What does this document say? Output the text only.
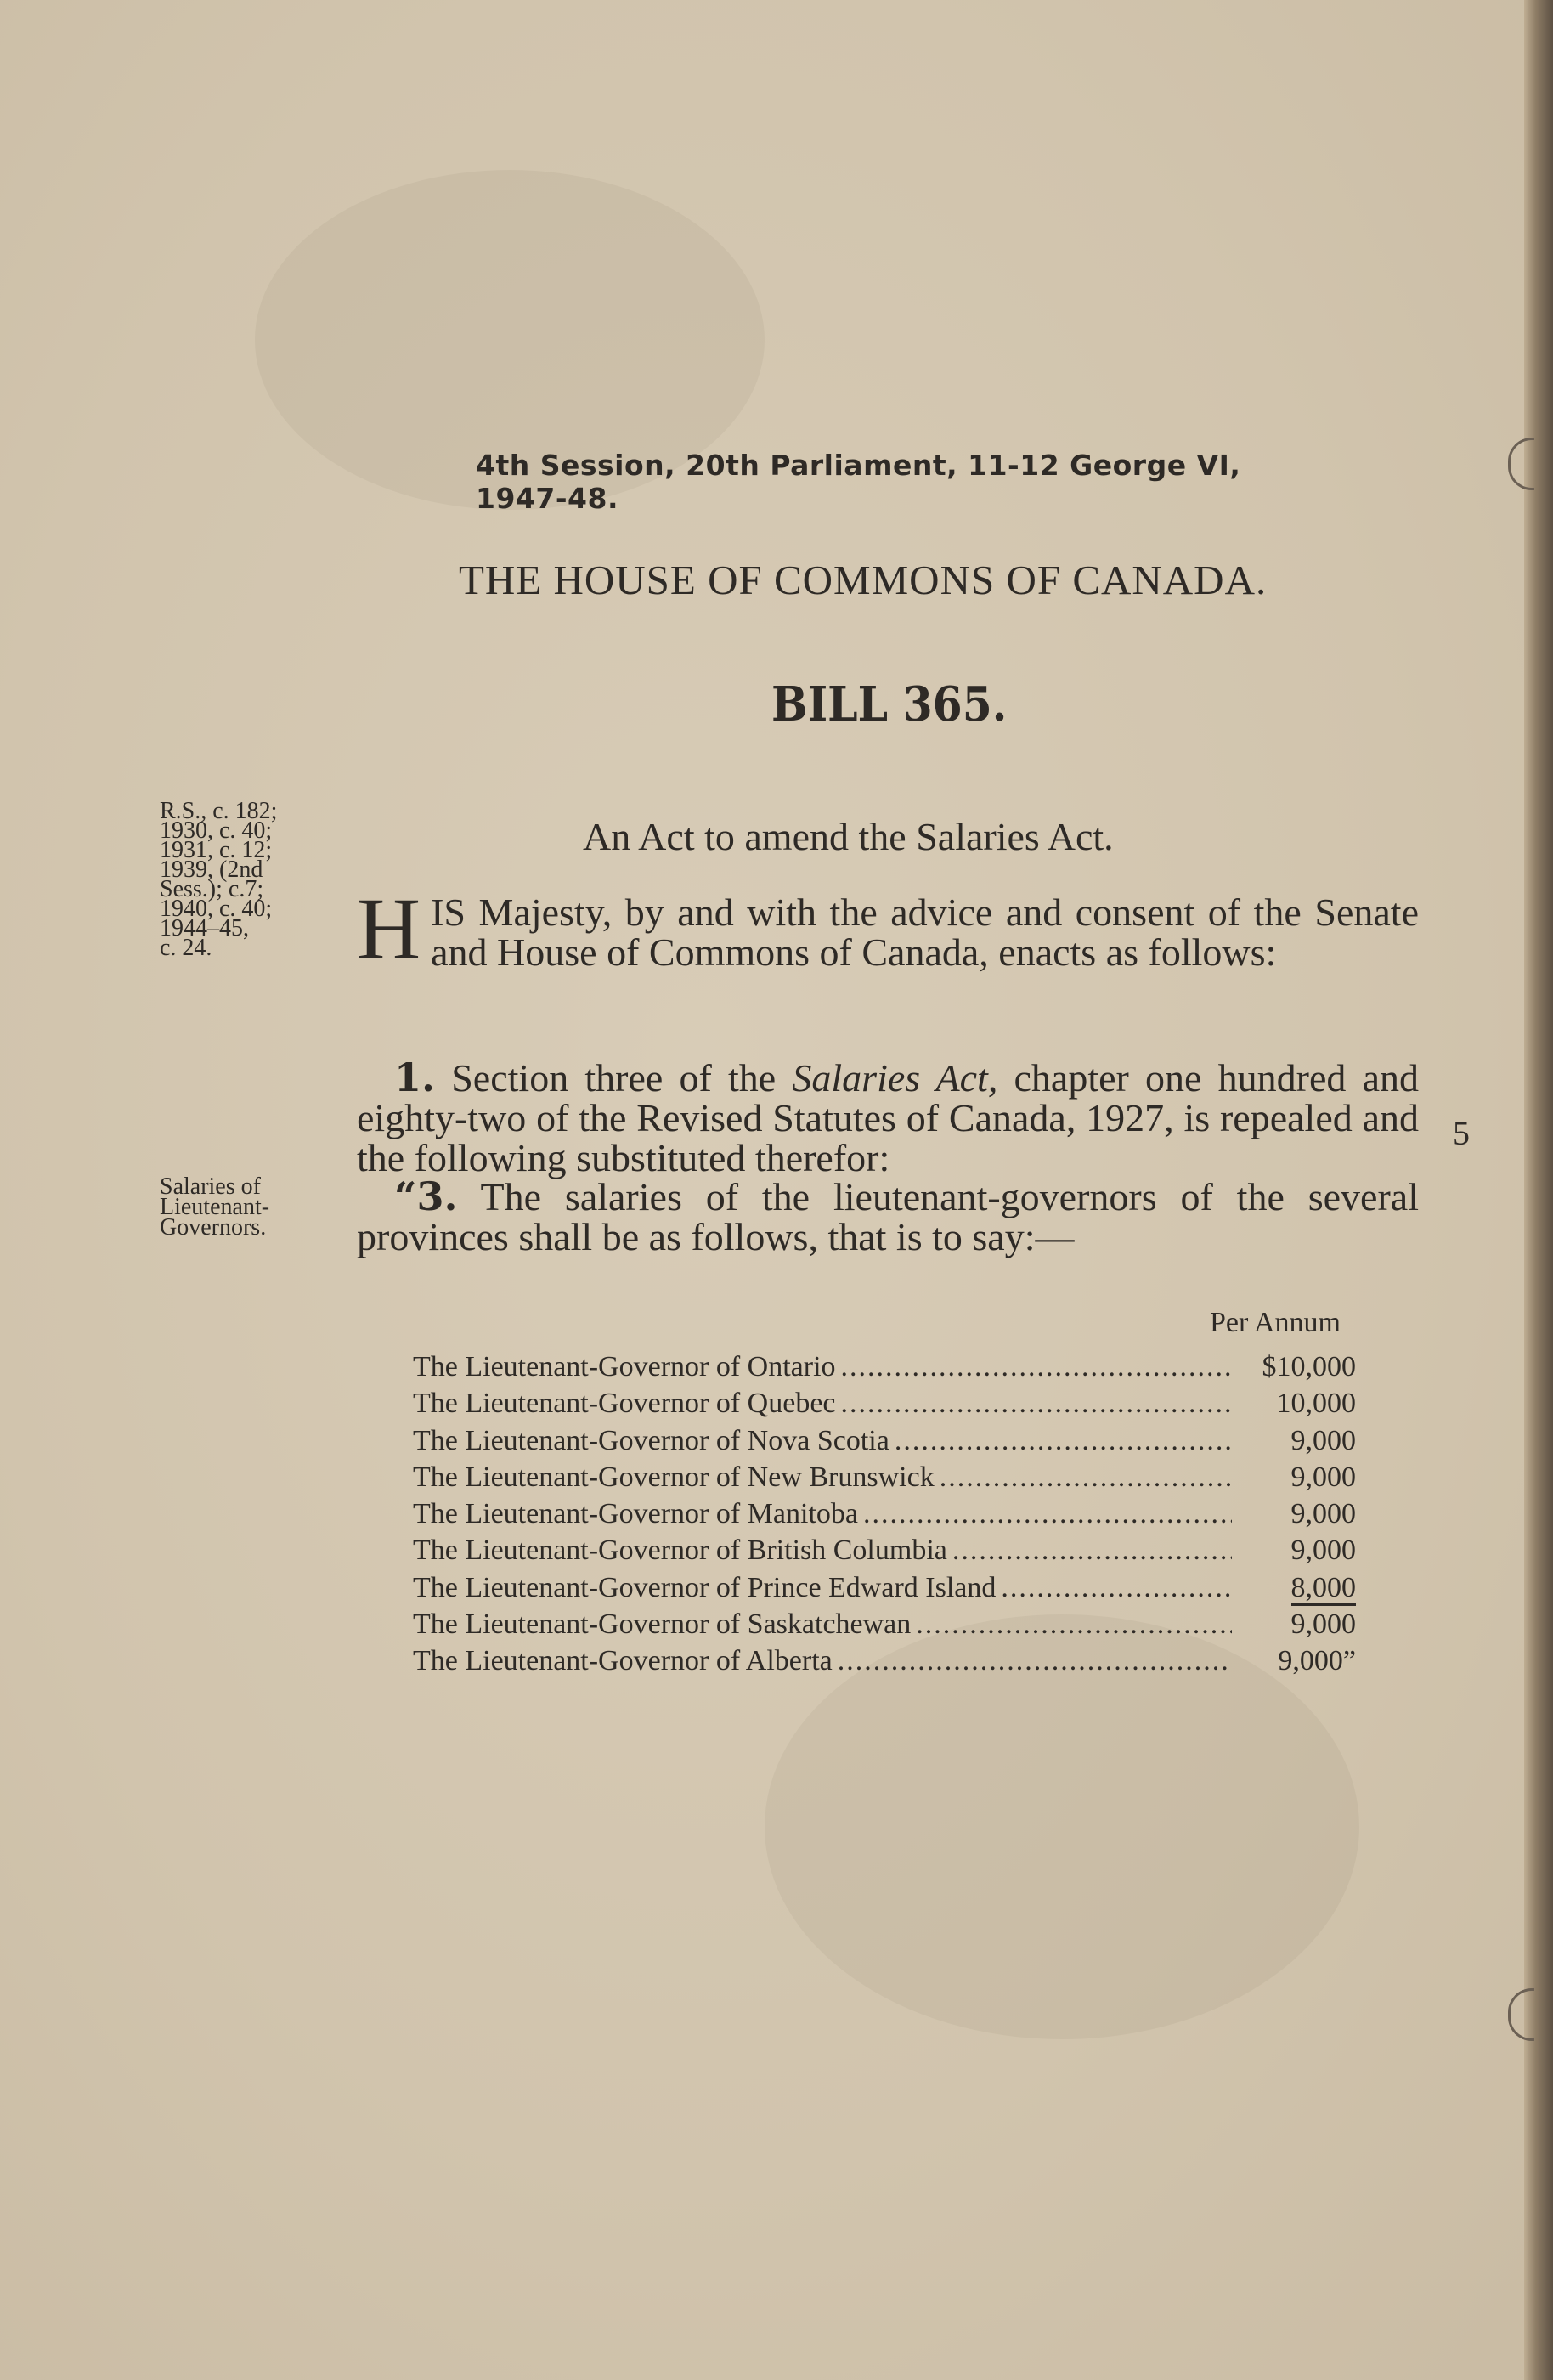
4th Session, 20th Parliament, 11-12 George VI, 1947-48.
THE HOUSE OF COMMONS OF CANADA.
BILL 365.
An Act to amend the Salaries Act.
R.S., c. 182;
1930, c. 40;
1931, c. 12;
1939, (2nd
Sess.); c.7;
1940, c. 40;
1944–45,
c. 24.	H IS Majesty, by and with the advice and consent of the Senate and House of Commons of Canada, enacts as follows:
1. Section three of the Salaries Act, chapter one hundred and eighty-two of the Revised Statutes of Canada, 1927, is repealed and the following substituted therefor:
5
Salaries of
Lieutenant-
Governors.
“3. The salaries of the lieutenant-governors of the several provinces shall be as follows, that is to say:—
Per Annum
The Lieutenant-Governor of Ontario .....	$10,000
The Lieutenant-Governor of Quebec .....	10,000
The Lieutenant-Governor of Nova Scotia .....	9,000
The Lieutenant-Governor of New Brunswick .....	9,000
The Lieutenant-Governor of Manitoba .....	9,000
The Lieutenant-Governor of British Columbia .....	9,000
The Lieutenant-Governor of Prince Edward Island .....	8,000
The Lieutenant-Governor of Saskatchewan .....	9,000
The Lieutenant-Governor of Alberta .....	9,000”
